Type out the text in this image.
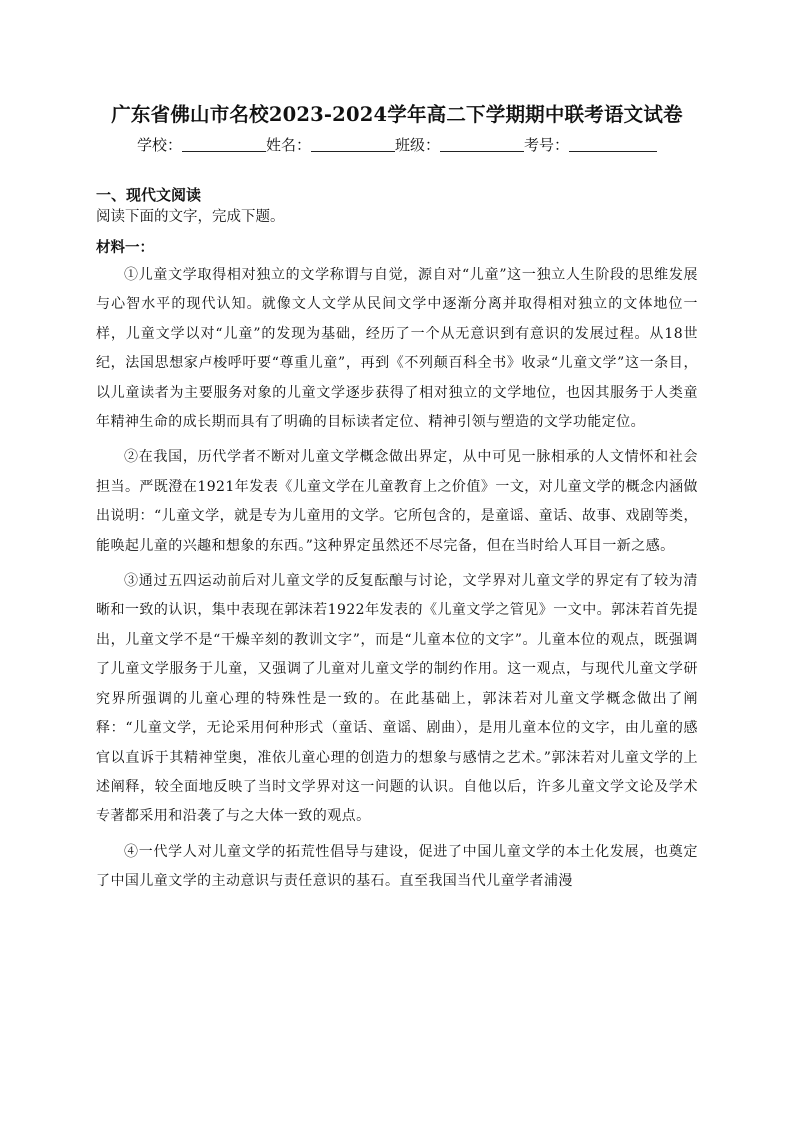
广东省佛山市名校2023-2024学年高二下学期期中联考语文试卷
学校：	姓名：	班级：	考号：
一、现代文阅读
阅读下面的文字，完成下题。
材料一：

①儿童文学取得相对独立的文学称谓与自觉，源自对“儿童”这一独立人生阶段的思维发展与心智水平的现代认知。就像文人文学从民间文学中逐渐分离并取得相对独立的文体地位一样，儿童文学以对“儿童”的发现为基础，经历了一个从无意识到有意识的发展过程。从18世纪，法国思想家卢梭呼吁要“尊重儿童”，再到《不列颠百科全书》收录“儿童文学”这一条目，以儿童读者为主要服务对象的儿童文学逐步获得了相对独立的文学地位，也因其服务于人类童年精神生命的成长期而具有了明确的目标读者定位、精神引领与塑造的文学功能定位。

②在我国，历代学者不断对儿童文学概念做出界定，从中可见一脉相承的人文情怀和社会担当。严既澄在1921年发表《儿童文学在儿童教育上之价值》一文，对儿童文学的概念内涵做出说明：“儿童文学，就是专为儿童用的文学。它所包含的，是童谣、童话、故事、戏剧等类，能唤起儿童的兴趣和想象的东西。”这种界定虽然还不尽完备，但在当时给人耳目一新之感。

③通过五四运动前后对儿童文学的反复酝酿与讨论，文学界对儿童文学的界定有了较为清晰和一致的认识，集中表现在郭沫若1922年发表的《儿童文学之管见》一文中。郭沫若首先提出，儿童文学不是“干燥辛刻的教训文字”，而是“儿童本位的文字”。儿童本位的观点，既强调了儿童文学服务于儿童，又强调了儿童对儿童文学的制约作用。这一观点，与现代儿童文学研究界所强调的儿童心理的特殊性是一致的。在此基础上，郭沫若对儿童文学概念做出了阐释：“儿童文学，无论采用何种形式（童话、童谣、剧曲），是用儿童本位的文字，由儿童的感官以直诉于其精神堂奥，准依儿童心理的创造力的想象与感情之艺术。”郭沫若对儿童文学的上述阐释，较全面地反映了当时文学界对这一问题的认识。自他以后，许多儿童文学文论及学术专著都采用和沿袭了与之大体一致的观点。

④一代学人对儿童文学的拓荒性倡导与建设，促进了中国儿童文学的本土化发展，也奠定了中国儿童文学的主动意识与责任意识的基石。直至我国当代儿童学者浦漫
